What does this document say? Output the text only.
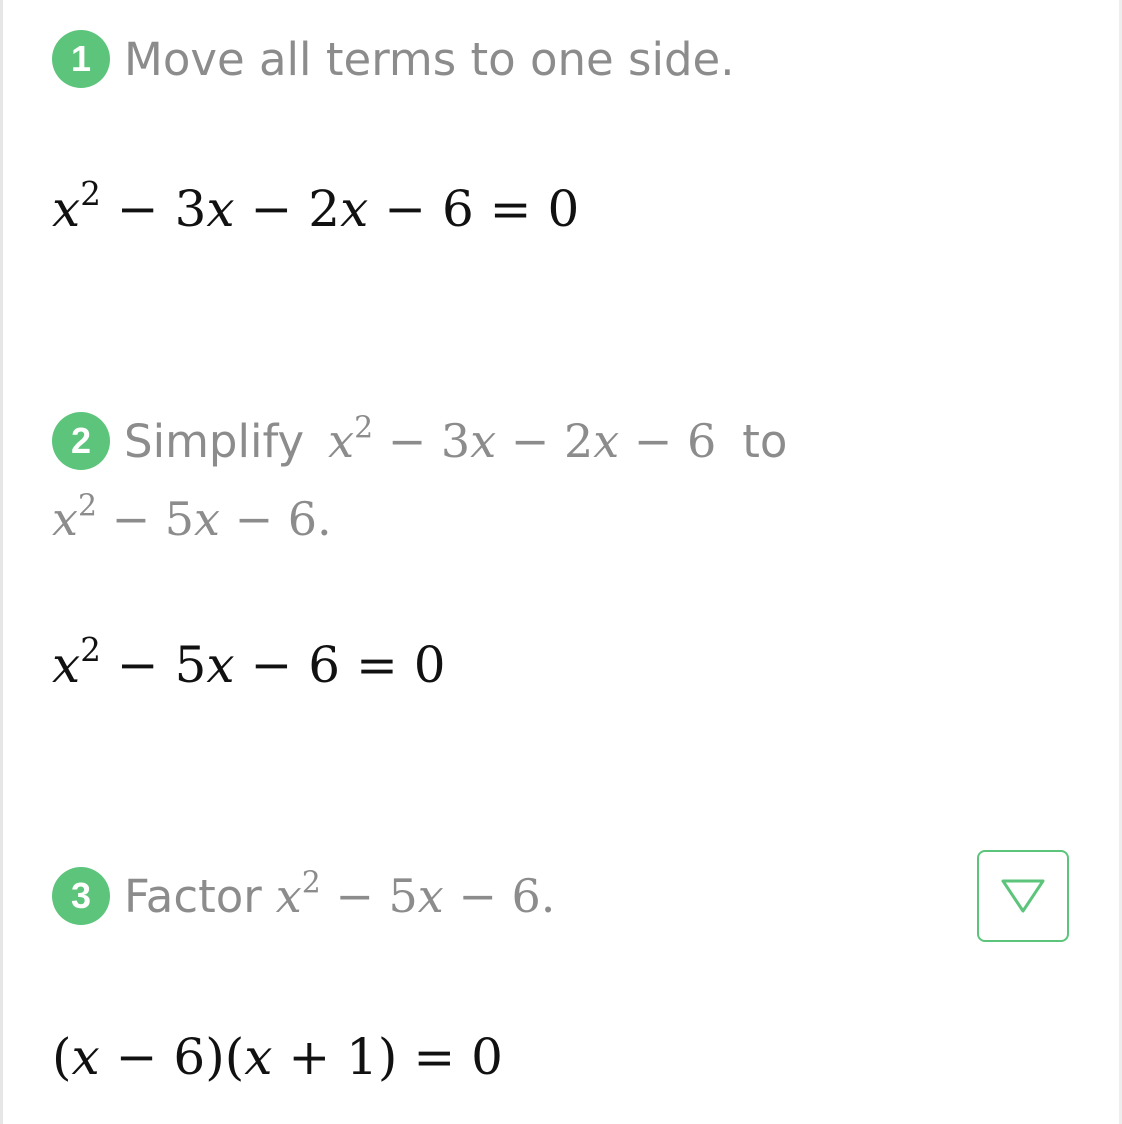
1 Move all terms to one side.
$x^2 - 3x - 2x - 6 = 0$
2 Simplify $x^2 - 3x - 2x - 6$ to
$x^2 - 5x - 6$.
$x^2 - 5x - 6 = 0$
3 Factor $x^2 - 5x - 6$.
(x − 6)(x + 1) = 0
